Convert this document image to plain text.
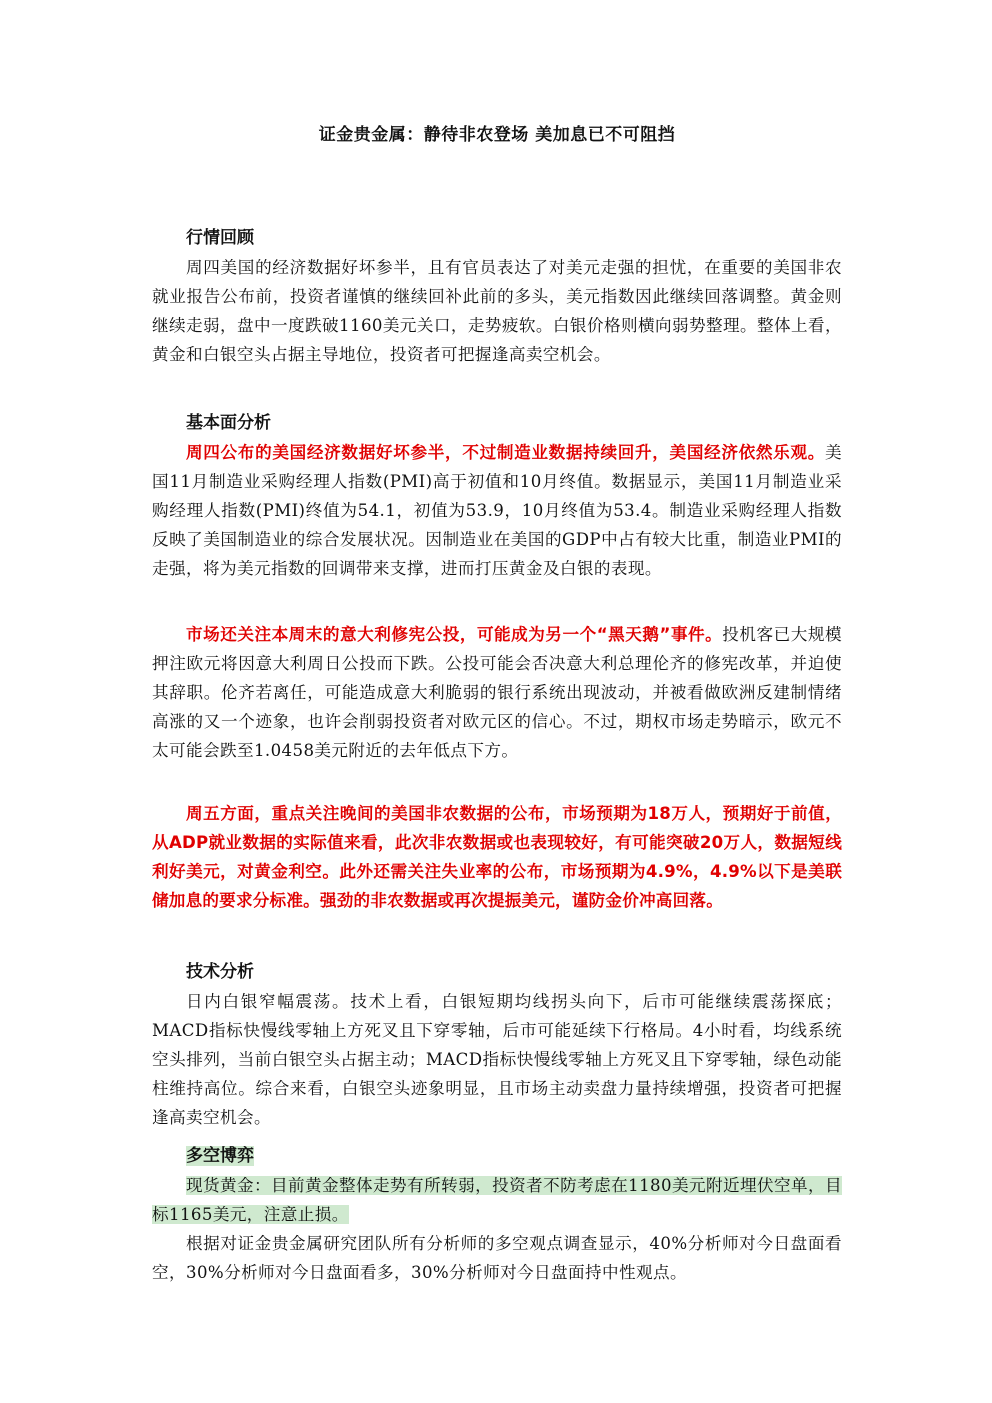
证金贵金属：静待非农登场 美加息已不可阻挡

行情回顾

周四美国的经济数据好坏参半，且有官员表达了对美元走强的担忧，在重要的美国非农就业报告公布前，投资者谨慎的继续回补此前的多头，美元指数因此继续回落调整。黄金则继续走弱，盘中一度跌破1160美元关口，走势疲软。白银价格则横向弱势整理。整体上看，黄金和白银空头占据主导地位，投资者可把握逢高卖空机会。

基本面分析

周四公布的美国经济数据好坏参半，不过制造业数据持续回升，美国经济依然乐观。美国11月制造业采购经理人指数(PMI)高于初值和10月终值。数据显示，美国11月制造业采购经理人指数(PMI)终值为54.1，初值为53.9，10月终值为53.4。制造业采购经理人指数反映了美国制造业的综合发展状况。因制造业在美国的GDP中占有较大比重，制造业PMI的走强，将为美元指数的回调带来支撑，进而打压黄金及白银的表现。

市场还关注本周末的意大利修宪公投，可能成为另一个“黑天鹅”事件。投机客已大规模押注欧元将因意大利周日公投而下跌。公投可能会否决意大利总理伦齐的修宪改革，并迫使其辞职。伦齐若离任，可能造成意大利脆弱的银行系统出现波动，并被看做欧洲反建制情绪高涨的又一个迹象，也许会削弱投资者对欧元区的信心。不过，期权市场走势暗示，欧元不太可能会跌至1.0458美元附近的去年低点下方。

周五方面，重点关注晚间的美国非农数据的公布，市场预期为18万人，预期好于前值，从ADP就业数据的实际值来看，此次非农数据或也表现较好，有可能突破20万人，数据短线利好美元，对黄金利空。此外还需关注失业率的公布，市场预期为4.9%，4.9%以下是美联储加息的要求分标准。强劲的非农数据或再次提振美元，谨防金价冲高回落。

技术分析

日内白银窄幅震荡。技术上看，白银短期均线拐头向下，后市可能继续震荡探底；MACD指标快慢线零轴上方死叉且下穿零轴，后市可能延续下行格局。4小时看，均线系统空头排列，当前白银空头占据主动；MACD指标快慢线零轴上方死叉且下穿零轴，绿色动能柱维持高位。综合来看，白银空头迹象明显，且市场主动卖盘力量持续增强，投资者可把握逢高卖空机会。

多空博弈

现货黄金：目前黄金整体走势有所转弱，投资者不防考虑在1180美元附近埋伏空单，目标1165美元，注意止损。

根据对证金贵金属研究团队所有分析师的多空观点调查显示，40%分析师对今日盘面看空，30%分析师对今日盘面看多，30%分析师对今日盘面持中性观点。
